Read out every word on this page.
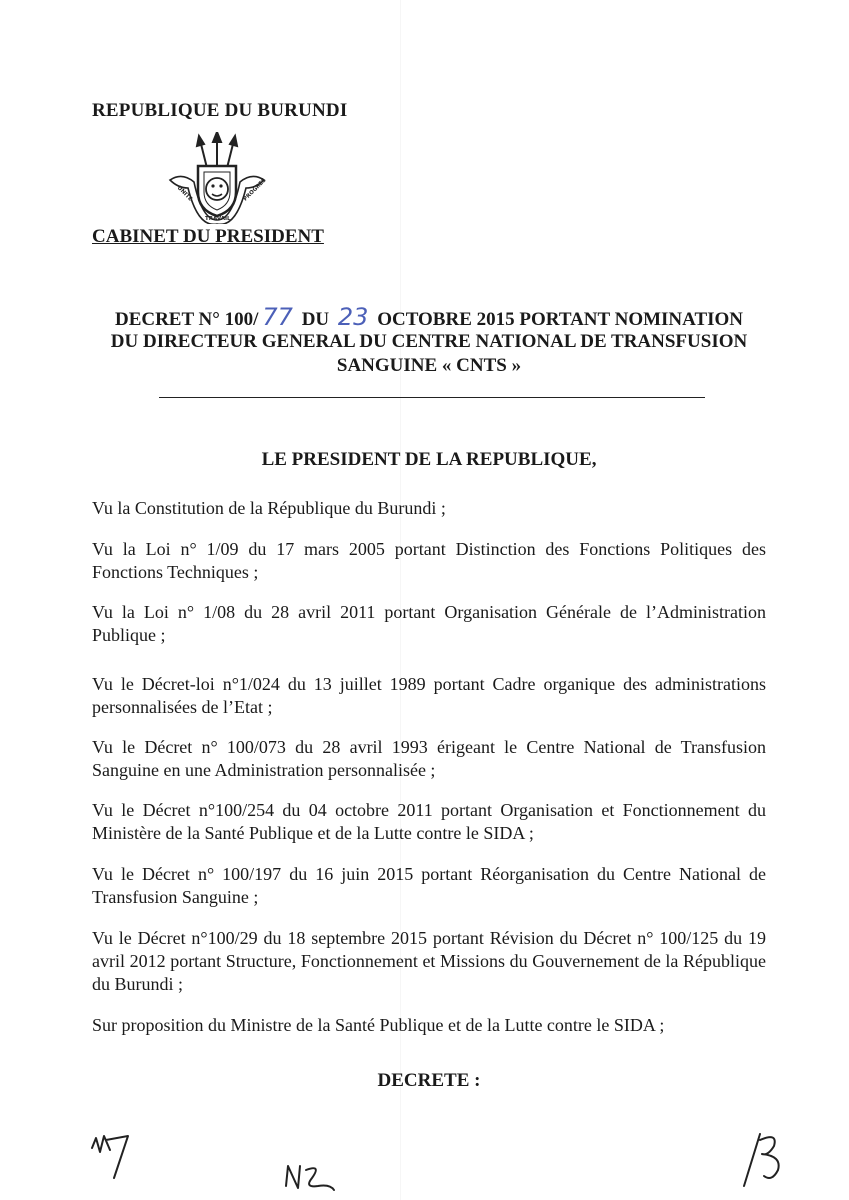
REPUBLIQUE DU BURUNDI
UNITE
TRAVAIL
PROGRES
CABINET DU PRESIDENT
DECRET N° 100/ 77 DU 23 OCTOBRE 2015 PORTANT NOMINATION
DU DIRECTEUR GENERAL DU CENTRE NATIONAL DE TRANSFUSION
SANGUINE « CNTS »
LE PRESIDENT DE LA REPUBLIQUE,
Vu la Constitution de la République du Burundi ;
Vu la Loi n° 1/09 du 17 mars 2005 portant Distinction des Fonctions Politiques des Fonctions Techniques ;
Vu la Loi n° 1/08 du 28 avril 2011 portant Organisation Générale de l’Administration Publique ;
Vu le Décret-loi n°1/024 du 13 juillet 1989 portant Cadre organique des administrations personnalisées de l’Etat ;
Vu le Décret n° 100/073 du 28 avril 1993 érigeant le Centre National de Transfusion Sanguine en une Administration personnalisée ;
Vu le Décret n°100/254 du 04 octobre 2011 portant Organisation et Fonctionnement du Ministère de la Santé Publique et de la Lutte contre le SIDA ;
Vu le Décret n° 100/197 du 16 juin 2015 portant Réorganisation du Centre National de Transfusion Sanguine ;
Vu le Décret n°100/29 du 18 septembre 2015 portant Révision du Décret n° 100/125 du 19 avril 2012 portant Structure, Fonctionnement et Missions du Gouvernement de la République du Burundi ;
Sur proposition du Ministre de la Santé Publique et de la Lutte contre le SIDA ;
DECRETE :
